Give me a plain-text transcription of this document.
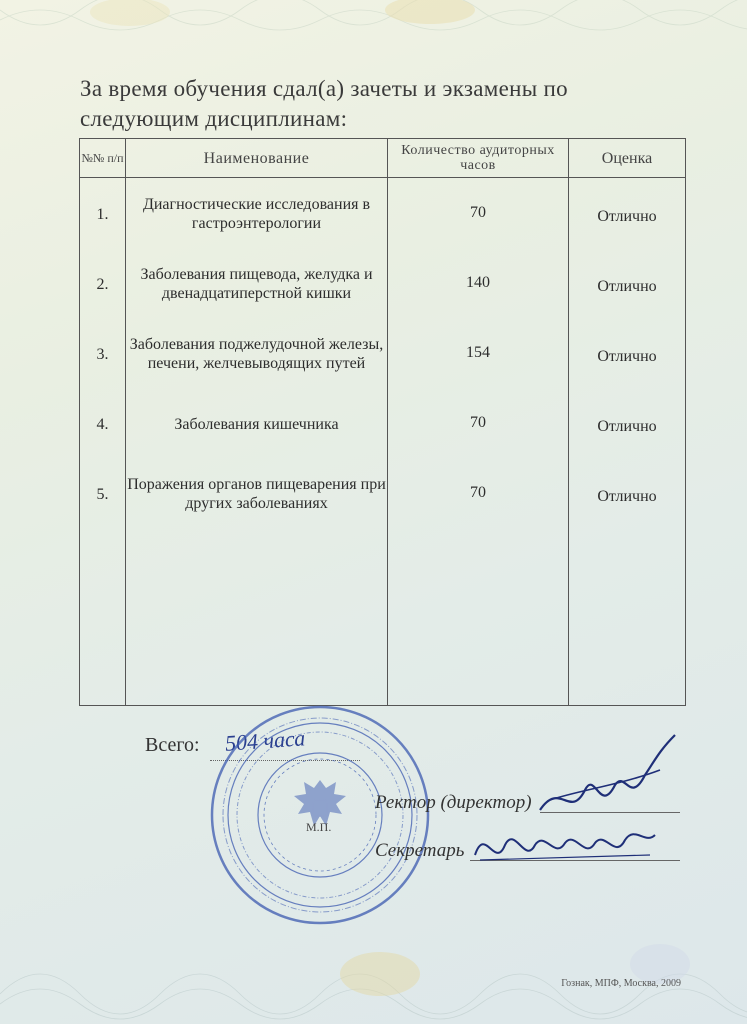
За время обучения сдал(а) зачеты и экзамены по следующим дисциплинам:
№№ п/п	Наименование	Количество аудиторных часов	Оценка
1.	Диагностические исследования в гастроэнтерологии	70	Отлично
2.	Заболевания пищевода, желудка и двенадцатиперстной кишки	140	Отлично
3.	Заболевания поджелудочной железы, печени, желчевыводящих путей	154	Отлично
4.	Заболевания кишечника	70	Отлично
5.	Поражения органов пищеварения при других заболеваниях	70	Отлично

Всего: 504 часа
М.П.
Ректор (директор)
Секретарь
Гознак, МПФ, Москва, 2009
